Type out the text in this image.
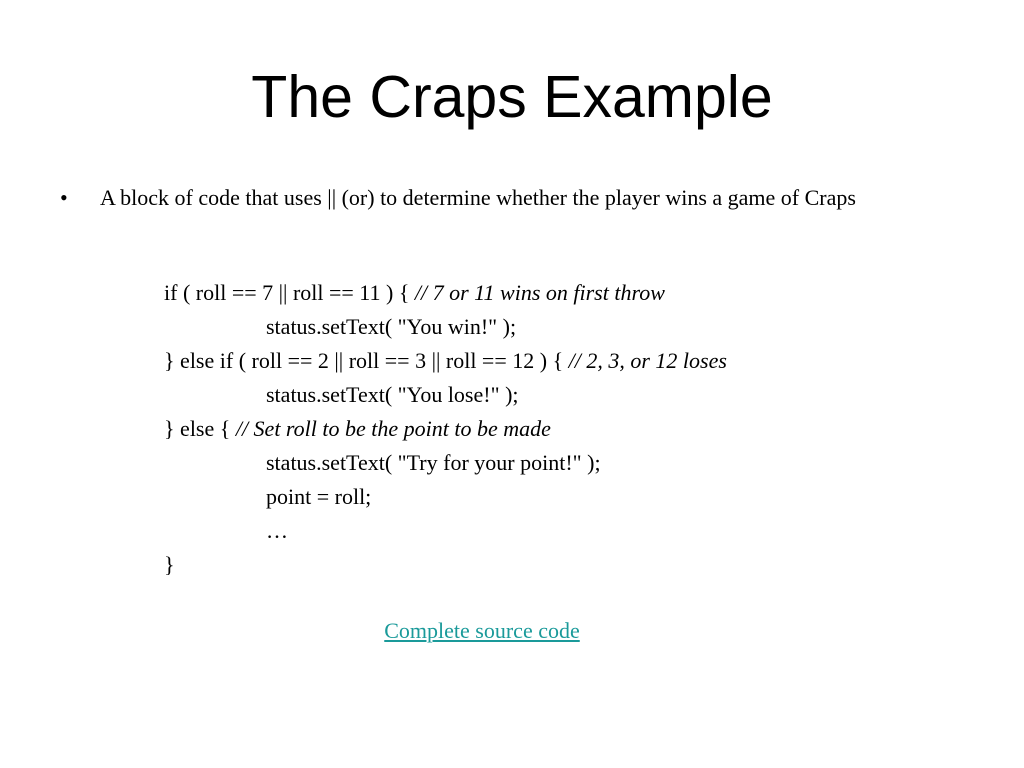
The Craps Example
•	A block of code that uses || (or) to determine whether the player wins a game of Craps
if ( roll == 7 || roll == 11 ) { // 7 or 11 wins on first throw
status.setText( "You win!" );
} else if ( roll == 2 || roll == 3 || roll == 12 ) { // 2, 3, or 12 loses
status.setText( "You lose!" );
} else { // Set roll to be the point to be made
status.setText( "Try for your point!" );
point = roll;
…
}
Complete source code
